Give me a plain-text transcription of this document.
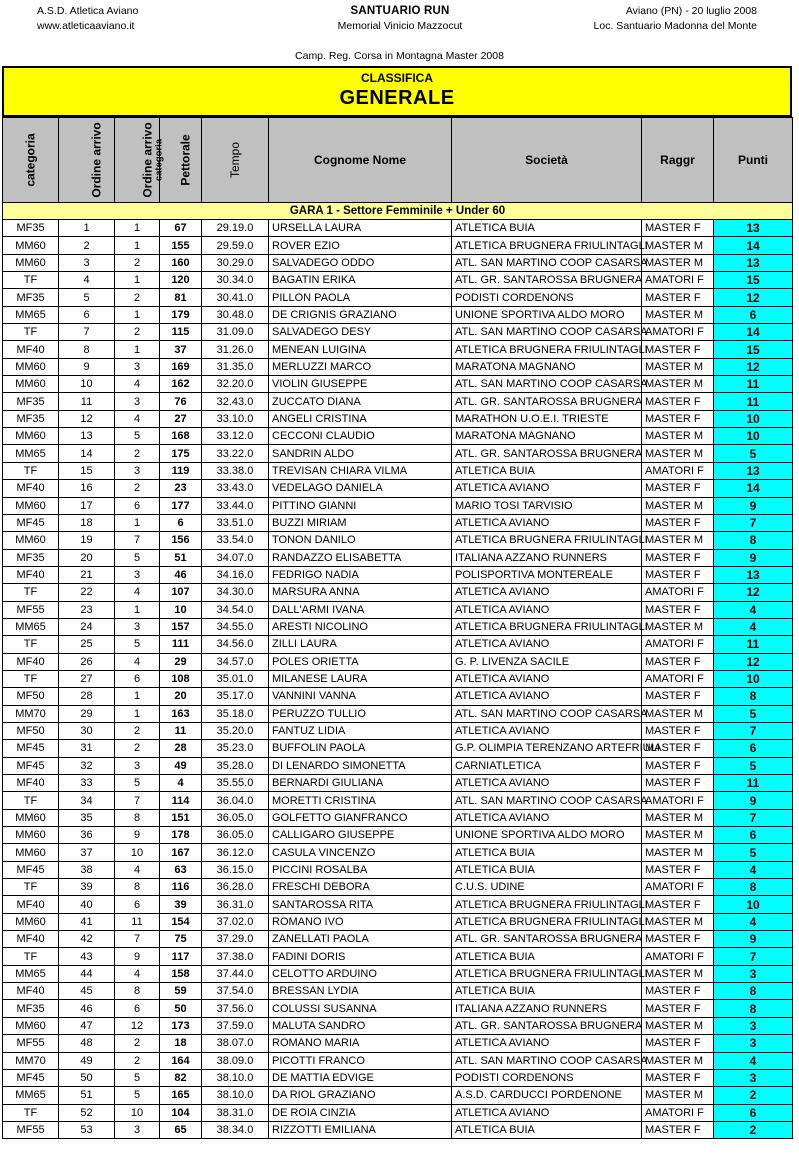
A.S.D. Atletica Aviano
www.atleticaaviano.it
SANTUARIO RUN
Memorial Vinicio Mazzocut
Aviano (PN) - 20 luglio 2008
Loc. Santuario Madonna del Monte
Camp. Reg. Corsa in Montagna Master 2008
CLASSIFICA
GENERALE
categoria	Ordine arrivo	Ordine arrivo categoria	Pettorale	Tempo	Cognome Nome	Società	Raggr	Punti
GARA 1 - Settore Femminile + Under 60								
MF35	1	1	67	29.19.0	URSELLA LAURA	ATLETICA BUIA	MASTER F	13
MM60	2	1	155	29.59.0	ROVER EZIO	ATLETICA BRUGNERA FRIULINTAGLI	MASTER M	14
MM60	3	2	160	30.29.0	SALVADEGO ODDO	ATL. SAN MARTINO COOP CASARSA	MASTER M	13
TF	4	1	120	30.34.0	BAGATIN ERIKA	ATL. GR. SANTAROSSA BRUGNERA	AMATORI F	15
MF35	5	2	81	30.41.0	PILLON PAOLA	PODISTI CORDENONS	MASTER F	12
MM65	6	1	179	30.48.0	DE CRIGNIS GRAZIANO	UNIONE SPORTIVA ALDO MORO	MASTER M	6
TF	7	2	115	31.09.0	SALVADEGO DESY	ATL. SAN MARTINO COOP CASARSA	AMATORI F	14
MF40	8	1	37	31.26.0	MENEAN LUIGINA	ATLETICA BRUGNERA FRIULINTAGLI	MASTER F	15
MM60	9	3	169	31.35.0	MERLUZZI MARCO	MARATONA MAGNANO	MASTER M	12
MM60	10	4	162	32.20.0	VIOLIN GIUSEPPE	ATL. SAN MARTINO COOP CASARSA	MASTER M	11
MF35	11	3	76	32.43.0	ZUCCATO DIANA	ATL. GR. SANTAROSSA BRUGNERA	MASTER F	11
MF35	12	4	27	33.10.0	ANGELI CRISTINA	MARATHON U.O.E.I. TRIESTE	MASTER F	10
MM60	13	5	168	33.12.0	CECCONI CLAUDIO	MARATONA MAGNANO	MASTER M	10
MM65	14	2	175	33.22.0	SANDRIN ALDO	ATL. GR. SANTAROSSA BRUGNERA	MASTER M	5
TF	15	3	119	33.38.0	TREVISAN CHIARA VILMA	ATLETICA BUIA	AMATORI F	13
MF40	16	2	23	33.43.0	VEDELAGO DANIELA	ATLETICA AVIANO	MASTER F	14
MM60	17	6	177	33.44.0	PITTINO GIANNI	MARIO TOSI TARVISIO	MASTER M	9
MF45	18	1	6	33.51.0	BUZZI MIRIAM	ATLETICA AVIANO	MASTER F	7
MM60	19	7	156	33.54.0	TONON DANILO	ATLETICA BRUGNERA FRIULINTAGLI	MASTER M	8
MF35	20	5	51	34.07.0	RANDAZZO ELISABETTA	ITALIANA AZZANO RUNNERS	MASTER F	9
MF40	21	3	46	34.16.0	FEDRIGO NADIA	POLISPORTIVA MONTEREALE	MASTER F	13
TF	22	4	107	34.30.0	MARSURA ANNA	ATLETICA AVIANO	AMATORI F	12
MF55	23	1	10	34.54.0	DALL'ARMI IVANA	ATLETICA AVIANO	MASTER F	4
MM65	24	3	157	34.55.0	ARESTI NICOLINO	ATLETICA BRUGNERA FRIULINTAGLI	MASTER M	4
TF	25	5	111	34.56.0	ZILLI LAURA	ATLETICA AVIANO	AMATORI F	11
MF40	26	4	29	34.57.0	POLES ORIETTA	G. P. LIVENZA SACILE	MASTER F	12
TF	27	6	108	35.01.0	MILANESE LAURA	ATLETICA AVIANO	AMATORI F	10
MF50	28	1	20	35.17.0	VANNINI VANNA	ATLETICA AVIANO	MASTER F	8
MM70	29	1	163	35.18.0	PERUZZO TULLIO	ATL. SAN MARTINO COOP CASARSA	MASTER M	5
MF50	30	2	11	35.20.0	FANTUZ LIDIA	ATLETICA AVIANO	MASTER F	7
MF45	31	2	28	35.23.0	BUFFOLIN PAOLA	G.P. OLIMPIA TERENZANO ARTEFRIULI	MASTER F	6
MF45	32	3	49	35.28.0	DI LENARDO SIMONETTA	CARNIATLETICA	MASTER F	5
MF40	33	5	4	35.55.0	BERNARDI GIULIANA	ATLETICA AVIANO	MASTER F	11
TF	34	7	114	36.04.0	MORETTI CRISTINA	ATL. SAN MARTINO COOP CASARSA	AMATORI F	9
MM60	35	8	151	36.05.0	GOLFETTO GIANFRANCO	ATLETICA AVIANO	MASTER M	7
MM60	36	9	178	36.05.0	CALLIGARO GIUSEPPE	UNIONE SPORTIVA ALDO MORO	MASTER M	6
MM60	37	10	167	36.12.0	CASULA VINCENZO	ATLETICA BUIA	MASTER M	5
MF45	38	4	63	36.15.0	PICCINI ROSALBA	ATLETICA BUIA	MASTER F	4
TF	39	8	116	36.28.0	FRESCHI DEBORA	C.U.S. UDINE	AMATORI F	8
MF40	40	6	39	36.31.0	SANTAROSSA RITA	ATLETICA BRUGNERA FRIULINTAGLI	MASTER F	10
MM60	41	11	154	37.02.0	ROMANO IVO	ATLETICA BRUGNERA FRIULINTAGLI	MASTER M	4
MF40	42	7	75	37.29.0	ZANELLATI PAOLA	ATL. GR. SANTAROSSA BRUGNERA	MASTER F	9
TF	43	9	117	37.38.0	FADINI DORIS	ATLETICA BUIA	AMATORI F	7
MM65	44	4	158	37.44.0	CELOTTO ARDUINO	ATLETICA BRUGNERA FRIULINTAGLI	MASTER M	3
MF40	45	8	59	37.54.0	BRESSAN LYDIA	ATLETICA BUIA	MASTER F	8
MF35	46	6	50	37.56.0	COLUSSI SUSANNA	ITALIANA AZZANO RUNNERS	MASTER F	8
MM60	47	12	173	37.59.0	MALUTA SANDRO	ATL. GR. SANTAROSSA BRUGNERA	MASTER M	3
MF55	48	2	18	38.07.0	ROMANO MARIA	ATLETICA AVIANO	MASTER F	3
MM70	49	2	164	38.09.0	PICOTTI FRANCO	ATL. SAN MARTINO COOP CASARSA	MASTER M	4
MF45	50	5	82	38.10.0	DE MATTIA EDVIGE	PODISTI CORDENONS	MASTER F	3
MM65	51	5	165	38.10.0	DA RIOL GRAZIANO	A.S.D. CARDUCCI PORDENONE	MASTER M	2
TF	52	10	104	38.31.0	DE ROIA CINZIA	ATLETICA AVIANO	AMATORI F	6
MF55	53	3	65	38.34.0	RIZZOTTI EMILIANA	ATLETICA BUIA	MASTER F	2
